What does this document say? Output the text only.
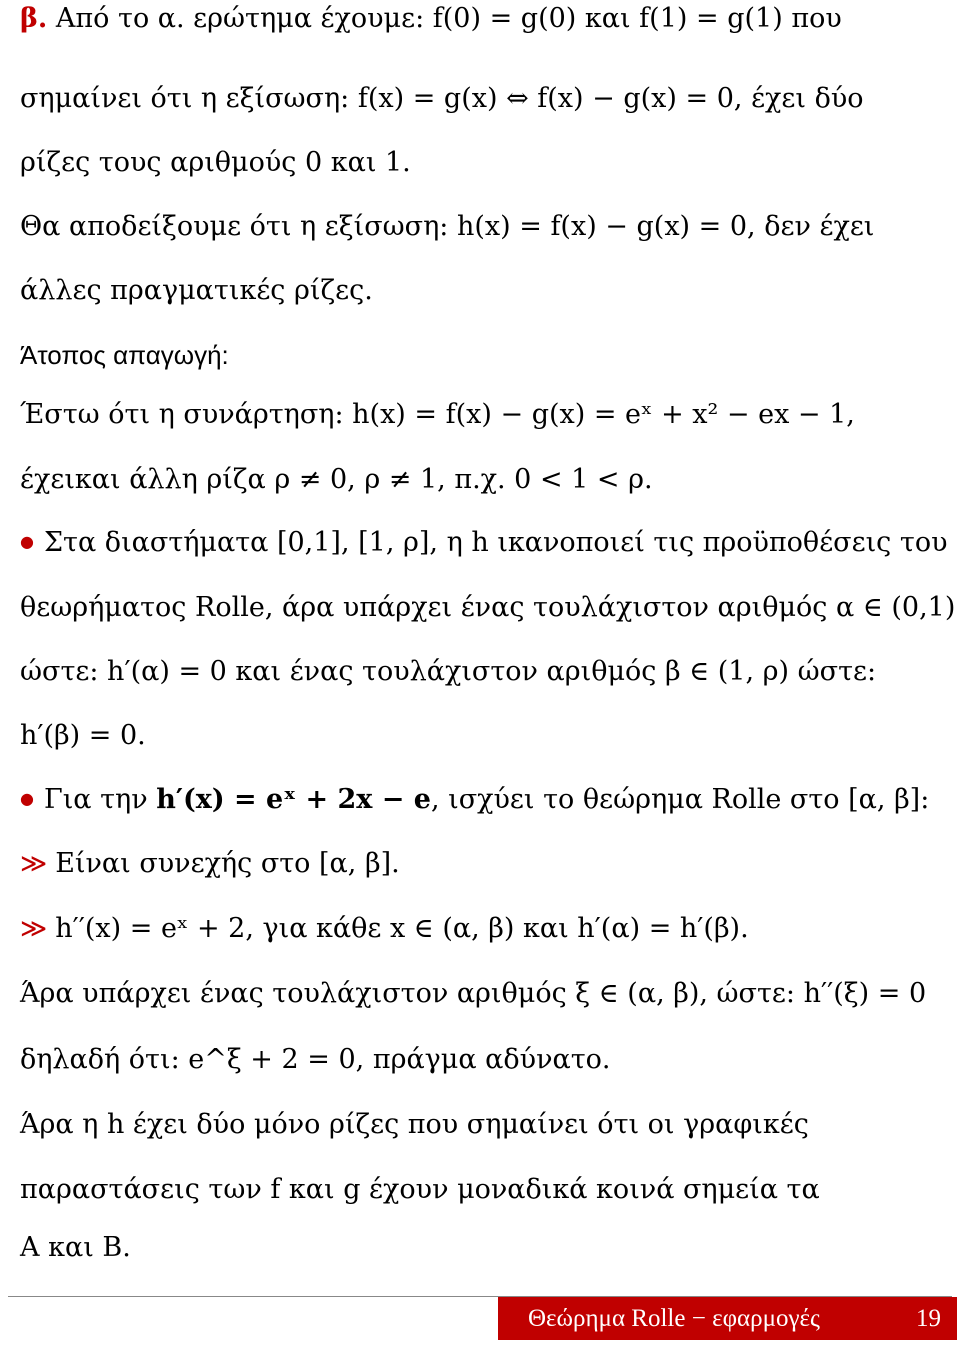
β. Από το α. ερώτημα έχουμε: f(0) = g(0) και f(1) = g(1) που
σημαίνει ότι η εξίσωση: f(x) = g(x) ⇔ f(x) − g(x) = 0, έχει δύο
ρίζες τους αριθμούς 0 και 1.
Θα αποδείξουμε ότι η εξίσωση: h(x) = f(x) − g(x) = 0, δεν έχει
άλλες πραγματικές ρίζες.
Άτοπος απαγωγή:
Έστω ότι η συνάρτηση: h(x) = f(x) − g(x) = eˣ + x² − ex − 1,
έχεικαι άλλη ρίζα ρ ≠ 0, ρ ≠ 1, π.χ. 0 < 1 < ρ.
● Στα διαστήματα [0,1], [1, ρ], η h ικανοποιεί τις προϋποθέσεις του
θεωρήματος Rolle, άρα υπάρχει ένας τουλάχιστον αριθμός α ∈ (0,1)
ώστε: h′(α) = 0 και ένας τουλάχιστον αριθμός β ∈ (1, ρ) ώστε:
h′(β) = 0.
● Για την h′(x) = eˣ + 2x − e, ισχύει το θεώρημα Rolle στο [α, β]:
≫ Είναι συνεχής στο [α, β].
≫ h′′(x) = eˣ + 2, για κάθε x ∈ (α, β) και h′(α) = h′(β).
Άρα υπάρχει ένας τουλάχιστον αριθμός ξ ∈ (α, β), ώστε: h′′(ξ) = 0
δηλαδή ότι: e^ξ + 2 = 0, πράγμα αδύνατο.
Άρα η h έχει δύο μόνο ρίζες που σημαίνει ότι οι γραφικές
παραστάσεις των f και g έχουν μοναδικά κοινά σημεία τα
A και B.
Θεώρημα Rolle − εφαρμογές	19
